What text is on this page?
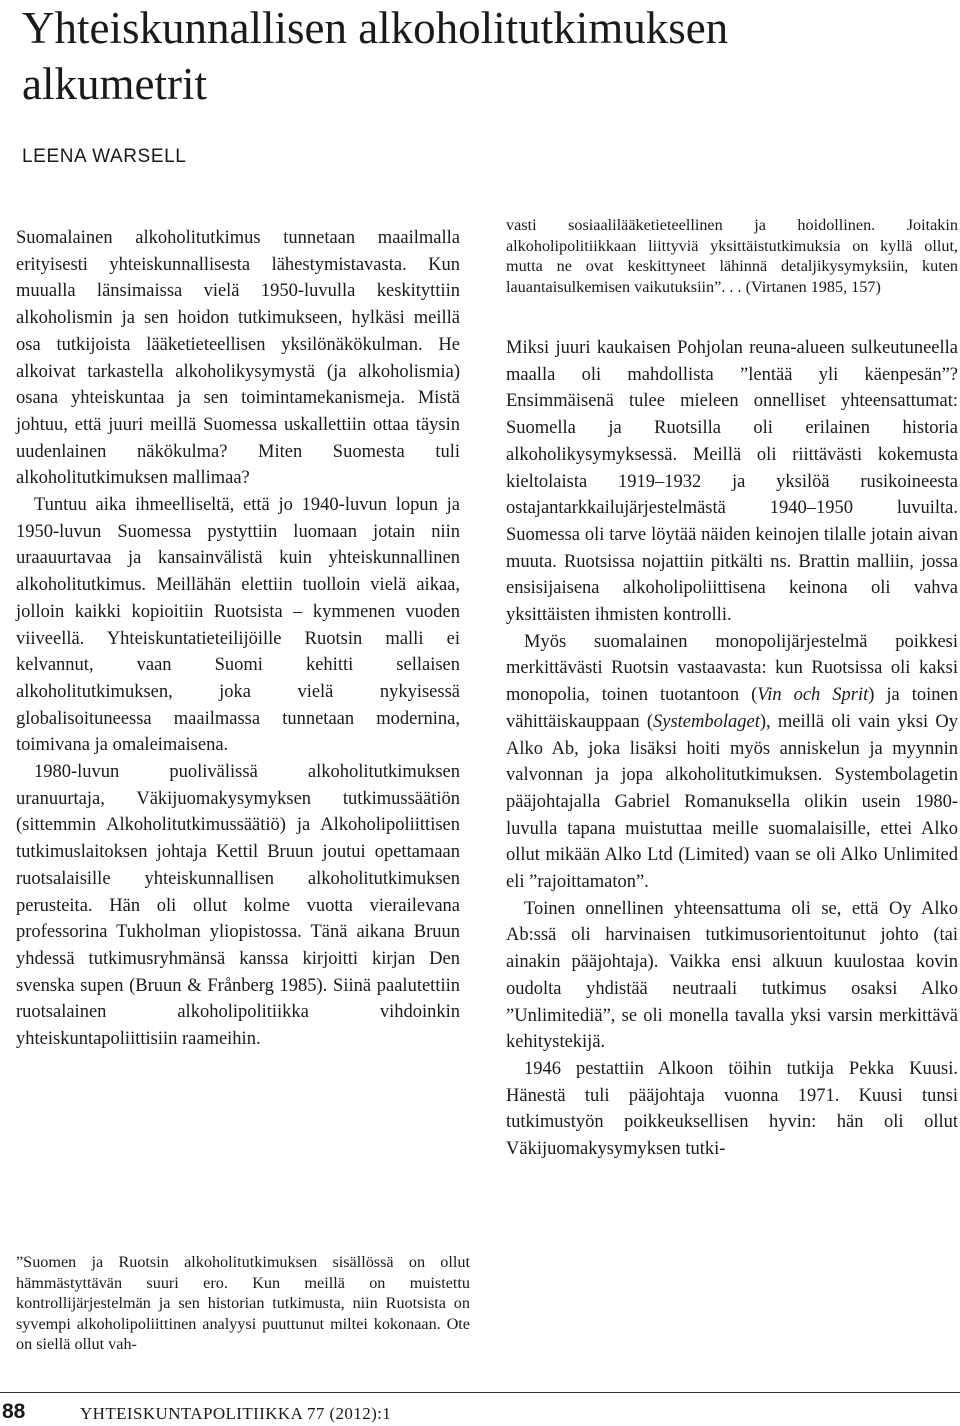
Yhteiskunnallisen alkoholitutkimuksen alkumetrit
LEENA WARSELL

Suomalainen alkoholitutkimus tunnetaan maailmalla erityisesti yhteiskunnallisesta lähestymistavasta. Kun muualla länsimaissa vielä 1950-luvulla keskityttiin alkoholismin ja sen hoidon tutkimukseen, hylkäsi meillä osa tutkijoista lääketieteellisen yksilönäkökulman. He alkoivat tarkastella alkoholikysymystä (ja alkoholismia) osana yhteiskuntaa ja sen toimintamekanismeja. Mistä johtuu, että juuri meillä Suomessa uskallettiin ottaa täysin uudenlainen näkökulma? Miten Suomesta tuli alkoholitutkimuksen mallimaa?

Tuntuu aika ihmeelliseltä, että jo 1940-luvun lopun ja 1950-luvun Suomessa pystyttiin luomaan jotain niin uraauurtavaa ja kansainvälistä kuin yhteiskunnallinen alkoholitutkimus. Meillähän elettiin tuolloin vielä aikaa, jolloin kaikki kopioitiin Ruotsista – kymmenen vuoden viiveellä. Yhteiskuntatieteilijöille Ruotsin malli ei kelvannut, vaan Suomi kehitti sellaisen alkoholitutkimuksen, joka vielä nykyisessä globalisoituneessa maailmassa tunnetaan modernina, toimivana ja omaleimaisena.

1980-luvun puolivälissä alkoholitutkimuksen uranuurtaja, Väkijuomakysymyksen tutkimussäätiön (sittemmin Alkoholitutkimussäätiö) ja Alkoholipoliittisen tutkimuslaitoksen johtaja Kettil Bruun joutui opettamaan ruotsalaisille yhteiskunnallisen alkoholitutkimuksen perusteita. Hän oli ollut kolme vuotta vierailevana professorina Tukholman yliopistossa. Tänä aikana Bruun yhdessä tutkimusryhmänsä kanssa kirjoitti kirjan Den svenska supen (Bruun & Frånberg 1985). Siinä paalutettiin ruotsalainen alkoholipolitiikka vihdoinkin yhteiskuntapoliittisiin raameihin.

”Suomen ja Ruotsin alkoholitutkimuksen sisällössä on ollut hämmästyttävän suuri ero. Kun meillä on muistettu kontrollijärjestelmän ja sen historian tutkimusta, niin Ruotsista on syvempi alkoholipoliittinen analyysi puuttunut miltei kokonaan. Ote on siellä ollut vah-

vasti sosiaalilääketieteellinen ja hoidollinen. Joitakin alkoholipolitiikkaan liittyviä yksittäistutkimuksia on kyllä ollut, mutta ne ovat keskittyneet lähinnä detaljikysymyksiin, kuten lauantaisulkemisen vaikutuksiin”. . . (Virtanen 1985, 157)

Miksi juuri kaukaisen Pohjolan reuna-alueen sulkeutuneella maalla oli mahdollista ”lentää yli käenpesän”? Ensimmäisenä tulee mieleen onnelliset yhteensattumat: Suomella ja Ruotsilla oli erilainen historia alkoholikysymyksessä. Meillä oli riittävästi kokemusta kieltolaista 1919–1932 ja yksilöä rusikoineesta ostajantarkkailujärjestelmästä 1940–1950 luvuilta. Suomessa oli tarve löytää näiden keinojen tilalle jotain aivan muuta. Ruotsissa nojattiin pitkälti ns. Brattin malliin, jossa ensisijaisena alkoholipoliittisena keinona oli vahva yksittäisten ihmisten kontrolli.

Myös suomalainen monopolijärjestelmä poikkesi merkittävästi Ruotsin vastaavasta: kun Ruotsissa oli kaksi monopolia, toinen tuotantoon (Vin och Sprit) ja toinen vähittäiskauppaan (Systembolaget), meillä oli vain yksi Oy Alko Ab, joka lisäksi hoiti myös anniskelun ja myynnin valvonnan ja jopa alkoholitutkimuksen. Systembolagetin pääjohtajalla Gabriel Romanuksella olikin usein 1980-luvulla tapana muistuttaa meille suomalaisille, ettei Alko ollut mikään Alko Ltd (Limited) vaan se oli Alko Unlimited eli ”rajoittamaton”.

Toinen onnellinen yhteensattuma oli se, että Oy Alko Ab:ssä oli harvinaisen tutkimusorientoitunut johto (tai ainakin pääjohtaja). Vaikka ensi alkuun kuulostaa kovin oudolta yhdistää neutraali tutkimus osaksi Alko ”Unlimitediä”, se oli monella tavalla yksi varsin merkittävä kehitystekijä.

1946 pestattiin Alkoon töihin tutkija Pekka Kuusi. Hänestä tuli pääjohtaja vuonna 1971. Kuusi tunsi tutkimustyön poikkeuksellisen hyvin: hän oli ollut Väkijuomakysymyksen tutki-

88	YHTEISKUNTAPOLITIIKKA 77 (2012):1
